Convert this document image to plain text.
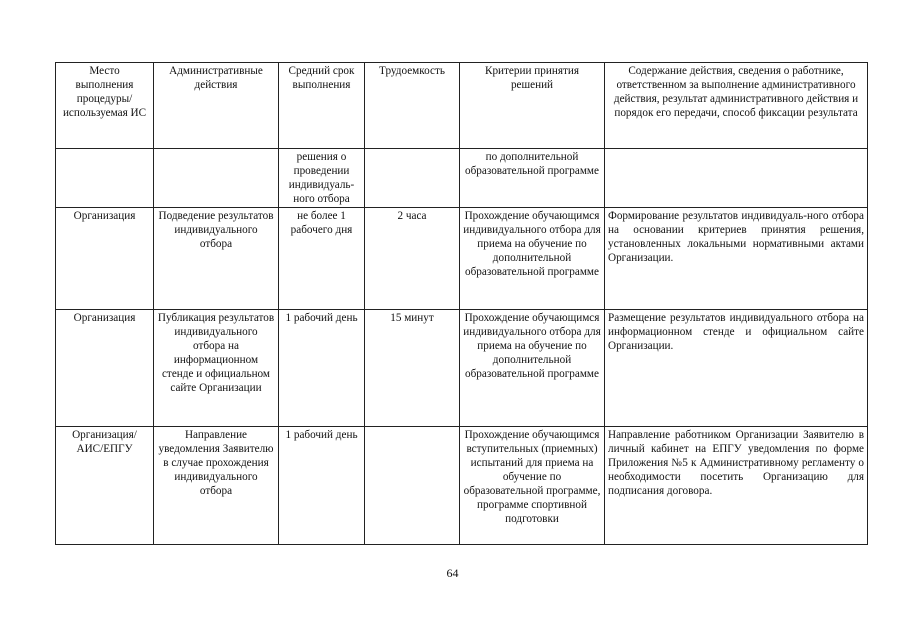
Место выполнения процедуры/ используемая ИС	Административные действия	Средний срок выполнения	Трудоемкость	Критерии принятия решений	Содержание действия, сведения о работнике, ответственном за выполнение административного действия, результат административного действия и порядок его передачи, способ фиксации результата
		решения о проведении индивидуаль-ного отбора		по дополнительной образовательной программе	
Организация	Подведение результатов индивидуального отбора	не более 1 рабочего дня	2 часа	Прохождение обучающимся индивидуального отбора для приема на обучение по дополнительной образовательной программе	Формирование результатов индивидуаль-ного отбора на основании критериев принятия решения, установленных локальными нормативными актами Организации.
Организация	Публикация результатов индивидуального отбора на информационном стенде и официальном сайте Организации	1 рабочий день	15 минут	Прохождение обучающимся индивидуального отбора для приема на обучение по дополнительной образовательной программе	Размещение результатов индивидуального отбора на информационном стенде и официальном сайте Организации.
Организация/ АИС/ЕПГУ	Направление уведомления Заявителю в случае прохождения индивидуального отбора	1 рабочий день		Прохождение обучающимся вступительных (приемных) испытаний для приема на обучение по образовательной программе, программе спортивной подготовки	Направление работником Организации Заявителю в личный кабинет на ЕПГУ уведомления по форме Приложения №5 к Административному регламенту о необходимости посетить Организацию для подписания договора.
64
